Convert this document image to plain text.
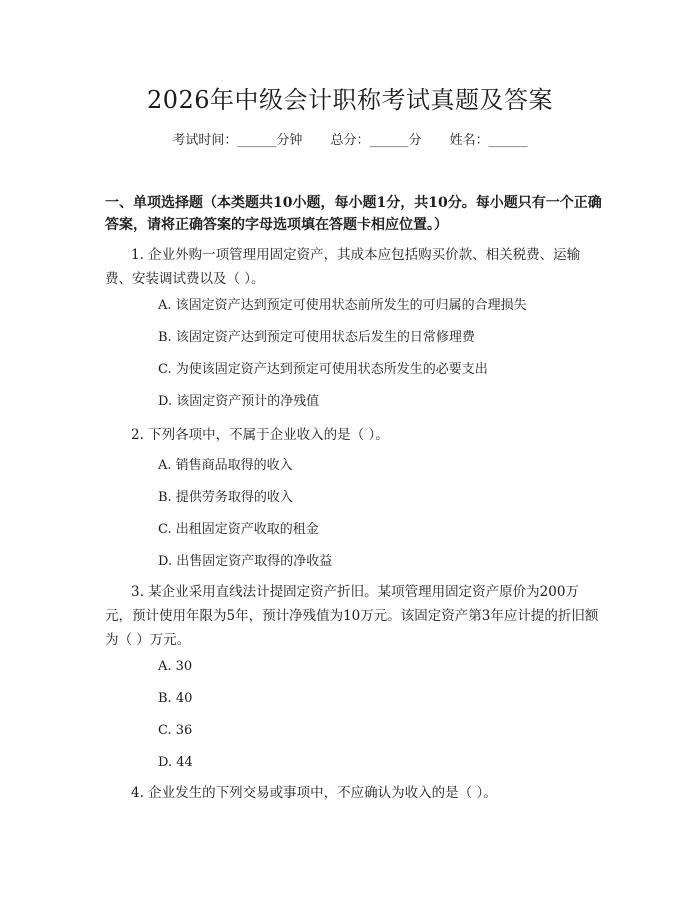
2026年中级会计职称考试真题及答案
考试时间：______分钟 总分：______分 姓名：______
一、单项选择题（本类题共10小题，每小题1分，共10分。每小题只有一个正确答案，请将正确答案的字母选项填在答题卡相应位置。）
1. 企业外购一项管理用固定资产，其成本应包括购买价款、相关税费、运输费、安装调试费以及（ ）。
A. 该固定资产达到预定可使用状态前所发生的可归属的合理损失
B. 该固定资产达到预定可使用状态后发生的日常修理费
C. 为使该固定资产达到预定可使用状态所发生的必要支出
D. 该固定资产预计的净残值
2. 下列各项中，不属于企业收入的是（ ）。
A. 销售商品取得的收入
B. 提供劳务取得的收入
C. 出租固定资产收取的租金
D. 出售固定资产取得的净收益
3. 某企业采用直线法计提固定资产折旧。某项管理用固定资产原价为200万元，预计使用年限为5年，预计净残值为10万元。该固定资产第3年应计提的折旧额为（ ）万元。
A. 30
B. 40
C. 36
D. 44
4. 企业发生的下列交易或事项中，不应确认为收入的是（ ）。
